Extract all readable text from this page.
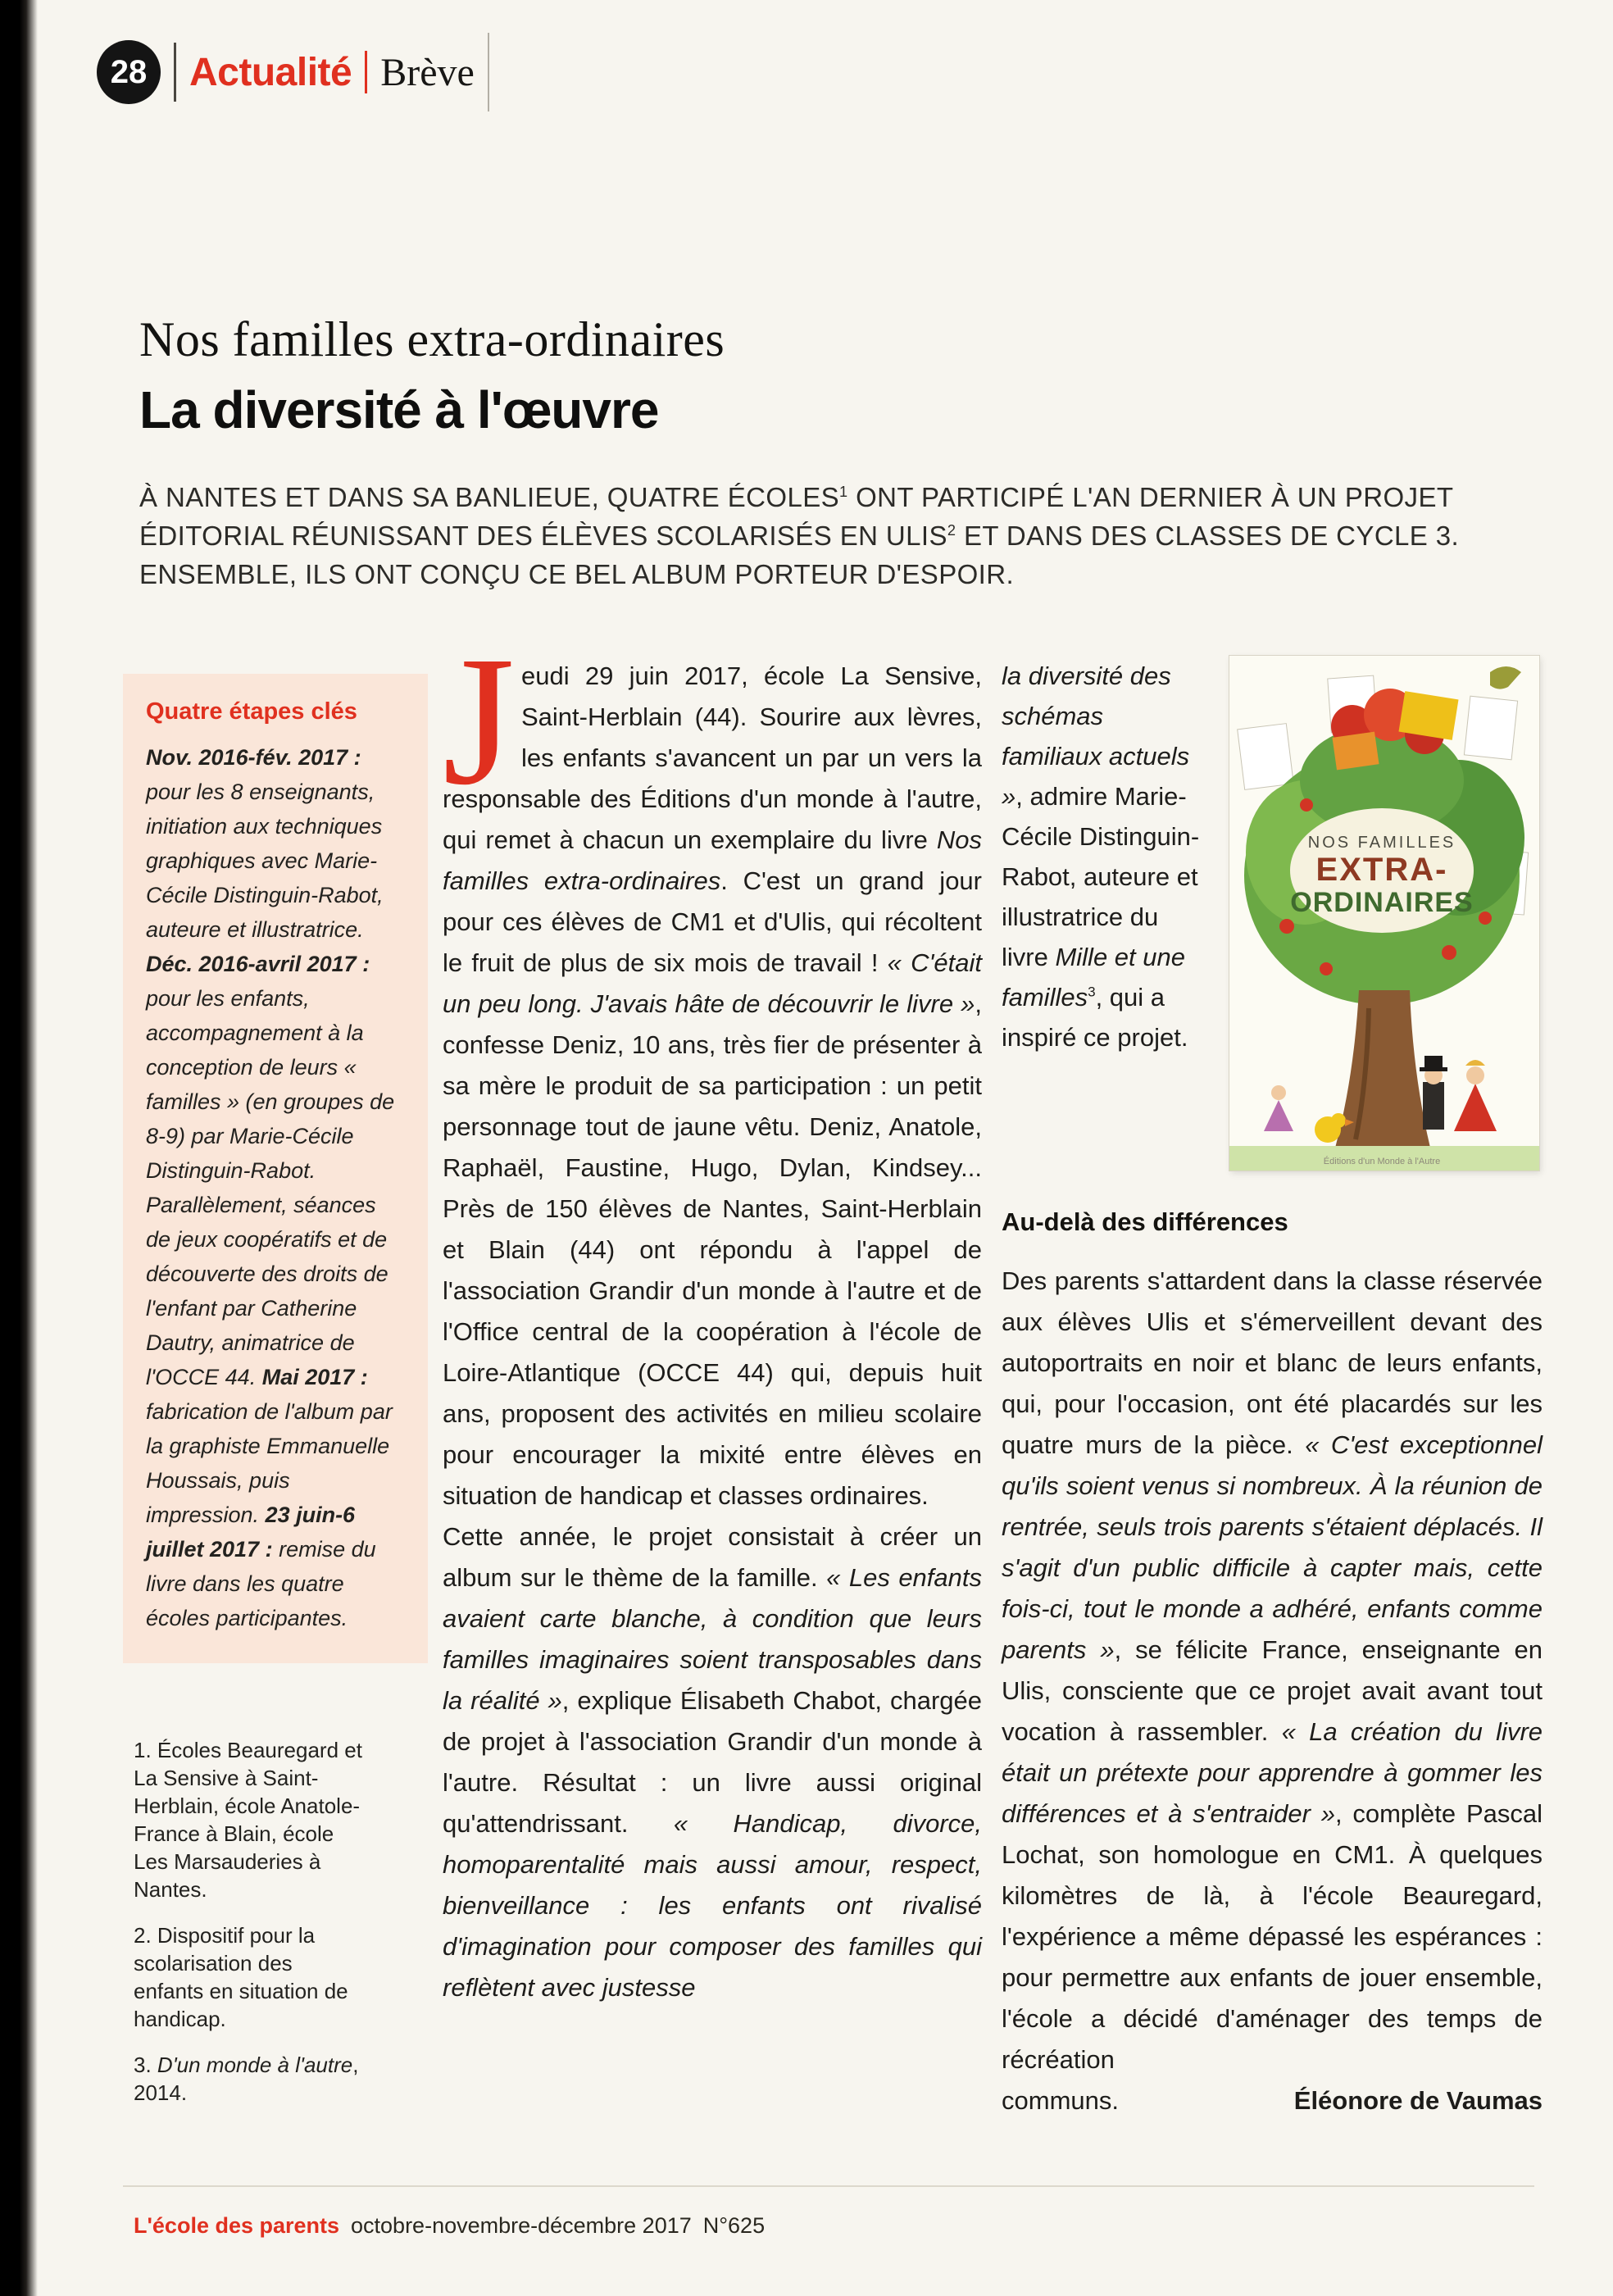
28 Actualité Brève
Nos familles extra-ordinaires
La diversité à l'œuvre

À NANTES ET DANS SA BANLIEUE, QUATRE ÉCOLES$^1$ ONT PARTICIPÉ L'AN DERNIER À UN PROJET ÉDITORIAL RÉUNISSANT DES ÉLÈVES SCOLARISÉS EN ULIS$^2$ ET DANS DES CLASSES DE CYCLE 3. ENSEMBLE, ILS ONT CONÇU CE BEL ALBUM PORTEUR D'ESPOIR.

Quatre étapes clés

Nov. 2016-fév. 2017 : pour les 8 enseignants, initiation aux techniques graphiques avec Marie-Cécile Distinguin-Rabot, auteure et illustratrice. Déc. 2016-avril 2017 : pour les enfants, accompagnement à la conception de leurs « familles » (en groupes de 8-9) par Marie-Cécile Distinguin-Rabot. Parallèlement, séances de jeux coopératifs et de découverte des droits de l'enfant par Catherine Dautry, animatrice de l'OCCE 44. Mai 2017 : fabrication de l'album par la graphiste Emmanuelle Houssais, puis impression. 23 juin-6 juillet 2017 : remise du livre dans les quatre écoles participantes.

1. Écoles Beauregard et La Sensive à Saint-Herblain, école Anatole-France à Blain, école Les Marsauderies à Nantes.

2. Dispositif pour la scolarisation des enfants en situation de handicap.

3. D'un monde à l'autre, 2014.

Jeudi 29 juin 2017, école La Sensive, Saint-Herblain (44). Sourire aux lèvres, les enfants s'avancent un par un vers la responsable des Éditions d'un monde à l'autre, qui remet à chacun un exemplaire du livre Nos familles extra-ordinaires. C'est un grand jour pour ces élèves de CM1 et d'Ulis, qui récoltent le fruit de plus de six mois de travail ! « C'était un peu long. J'avais hâte de découvrir le livre », confesse Deniz, 10 ans, très fier de présenter à sa mère le produit de sa participation : un petit personnage tout de jaune vêtu. Deniz, Anatole, Raphaël, Faustine, Hugo, Dylan, Kindsey... Près de 150 élèves de Nantes, Saint-Herblain et Blain (44) ont répondu à l'appel de l'association Grandir d'un monde à l'autre et de l'Office central de la coopération à l'école de Loire-Atlantique (OCCE 44) qui, depuis huit ans, proposent des activités en milieu scolaire pour encourager la mixité entre élèves en situation de handicap et classes ordinaires.

Cette année, le projet consistait à créer un album sur le thème de la famille. « Les enfants avaient carte blanche, à condition que leurs familles imaginaires soient transposables dans la réalité », explique Élisabeth Chabot, chargée de projet à l'association Grandir d'un monde à l'autre. Résultat : un livre aussi original qu'attendrissant. « Handicap, divorce, homoparentalité mais aussi amour, respect, bienveillance : les enfants ont rivalisé d'imagination pour composer des familles qui reflètent avec justesse

la diversité des schémas familiaux actuels », admire Marie-Cécile Distinguin-Rabot, auteure et illustratrice du livre Mille et une familles$^3$, qui a inspiré ce projet.
NOS FAMILLES
EXTRA-
ORDINAIRES
Éditions d'un Monde à l'Autre
Au-delà des différences

Des parents s'attardent dans la classe réservée aux élèves Ulis et s'émerveillent devant des autoportraits en noir et blanc de leurs enfants, qui, pour l'occasion, ont été placardés sur les quatre murs de la pièce. « C'est exceptionnel qu'ils soient venus si nombreux. À la réunion de rentrée, seuls trois parents s'étaient déplacés. Il s'agit d'un public difficile à capter mais, cette fois-ci, tout le monde a adhéré, enfants comme parents », se félicite France, enseignante en Ulis, consciente que ce projet avait avant tout vocation à rassembler. « La création du livre était un prétexte pour apprendre à gommer les différences et à s'entraider », complète Pascal Lochat, son homologue en CM1. À quelques kilomètres de là, à l'école Beauregard, l'expérience a même dépassé les espérances : pour permettre aux enfants de jouer ensemble, l'école a décidé d'aménager des temps de récréation

communs.	Éléonore de Vaumas
L'école des parents octobre-novembre-décembre 2017 N°625
